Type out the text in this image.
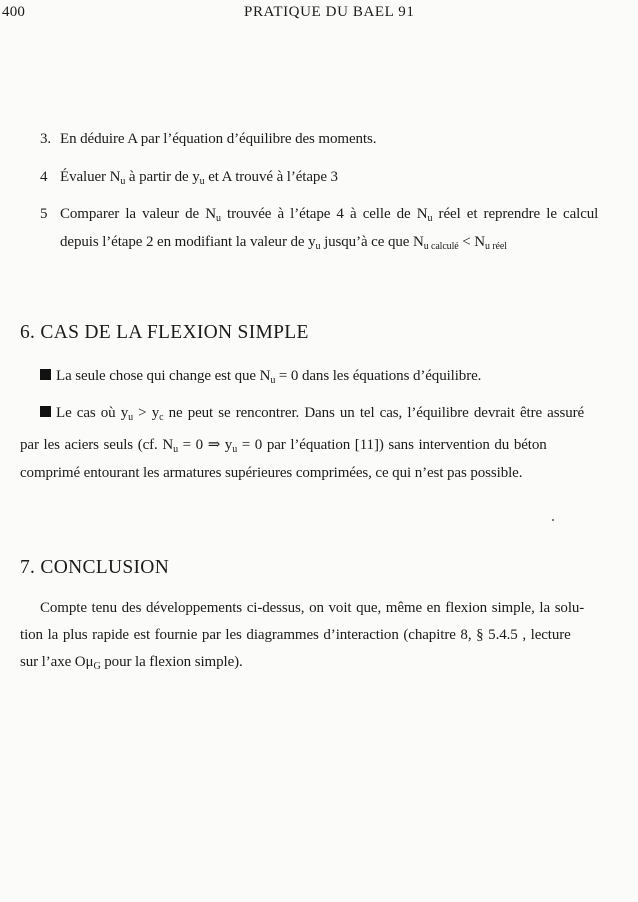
400	PRATIQUE DU BAEL 91
3. En déduire A par l’équation d’équilibre des moments.
4 Évaluer $N_u$ à partir de $y_u$ et A trouvé à l’étape 3
5 Comparer la valeur de $N_u$ trouvée à l’étape 4 à celle de $N_u$ réel et reprendre le calcul
depuis l’étape 2 en modifiant la valeur de $y_u$ jusqu’à ce que $N_{u calculé} < N_{u réel}$
6. CAS DE LA FLEXION SIMPLE
La seule chose qui change est que $N_u = 0$ dans les équations d’équilibre.
Le cas où $y_u > y_c$ ne peut se rencontrer. Dans un tel cas, l’équilibre devrait être assuré
par les aciers seuls (cf. $N_u = 0$ ⇒ $y_u = 0$ par l’équation [11]) sans intervention du béton
comprimé entourant les armatures supérieures comprimées, ce qui n’est pas possible.
7. CONCLUSION
Compte tenu des développements ci-dessus, on voit que, même en flexion simple, la solu-
tion la plus rapide est fournie par les diagrammes d’interaction (chapitre 8, § 5.4.5 , lecture
sur l’axe $O\mu_G$ pour la flexion simple).
